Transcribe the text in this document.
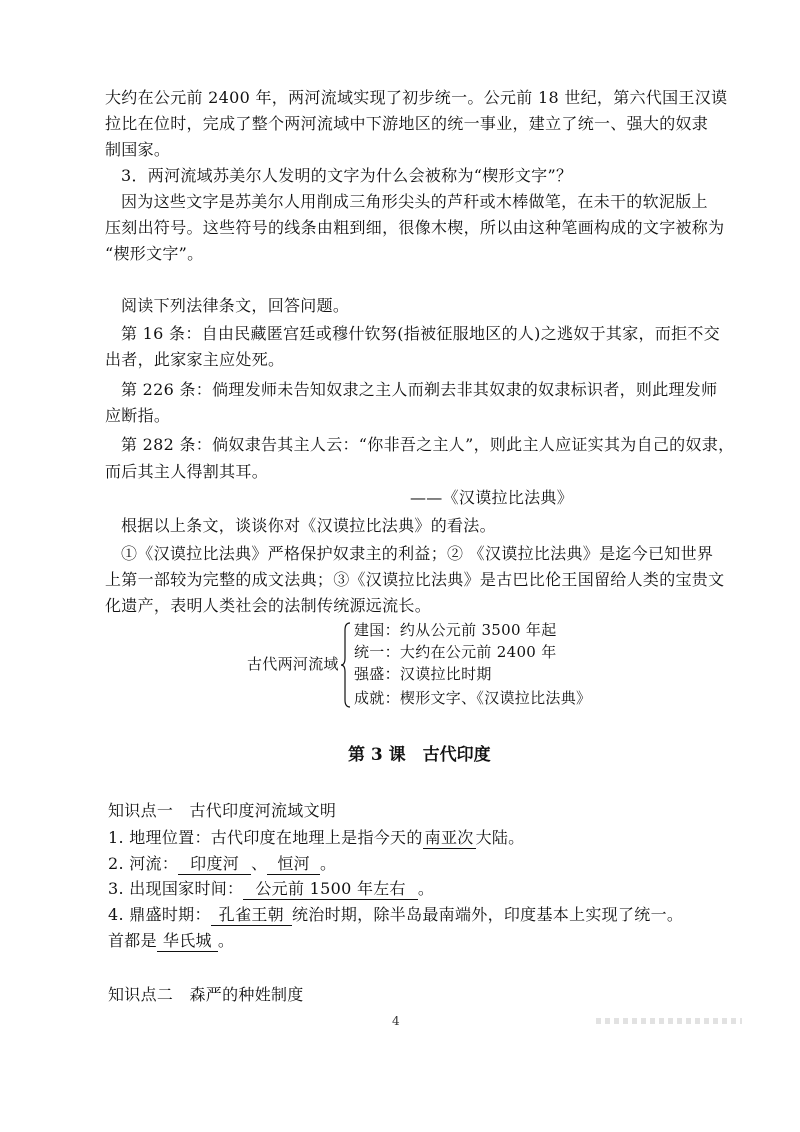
大约在公元前 2400 年，两河流域实现了初步统一。公元前 18 世纪，第六代国王汉谟
拉比在位时，完成了整个两河流域中下游地区的统一事业，建立了统一、强大的奴隶
制国家。
3．两河流域苏美尔人发明的文字为什么会被称为“楔形文字”？
因为这些文字是苏美尔人用削成三角形尖头的芦秆或木棒做笔，在未干的软泥版上
压刻出符号。这些符号的线条由粗到细，很像木楔，所以由这种笔画构成的文字被称为
“楔形文字”。
阅读下列法律条文，回答问题。
第 16 条：自由民藏匿宫廷或穆什钦努(指被征服地区的人)之逃奴于其家，而拒不交
出者，此家家主应处死。
第 226 条：倘理发师未告知奴隶之主人而剃去非其奴隶的奴隶标识者，则此理发师
应断指。
第 282 条：倘奴隶告其主人云：“你非吾之主人”，则此主人应证实其为自己的奴隶，
而后其主人得割其耳。
——《汉谟拉比法典》
根据以上条文，谈谈你对《汉谟拉比法典》的看法。
①《汉谟拉比法典》严格保护奴隶主的利益；② 《汉谟拉比法典》是迄今已知世界
上第一部较为完整的成文法典；③《汉谟拉比法典》是古巴比伦王国留给人类的宝贵文
化遗产，表明人类社会的法制传统源远流长。
古代两河流域
建国：约从公元前 3500 年起
统一：大约在公元前 2400 年
强盛：汉谟拉比时期
成就：楔形文字、《汉谟拉比法典》
第 3 课　古代印度
知识点一　古代印度河流域文明
1. 地理位置：古代印度在地理上是指今天的 南亚次 大陆。
2. 河流： 印度河 、 恒河 。
3. 出现国家时间： 公元前 1500 年左右 。
4. 鼎盛时期： 孔雀王朝 统治时期，除半岛最南端外，印度基本上实现了统一。
首都是 华氏城 。
知识点二　森严的种姓制度
4
